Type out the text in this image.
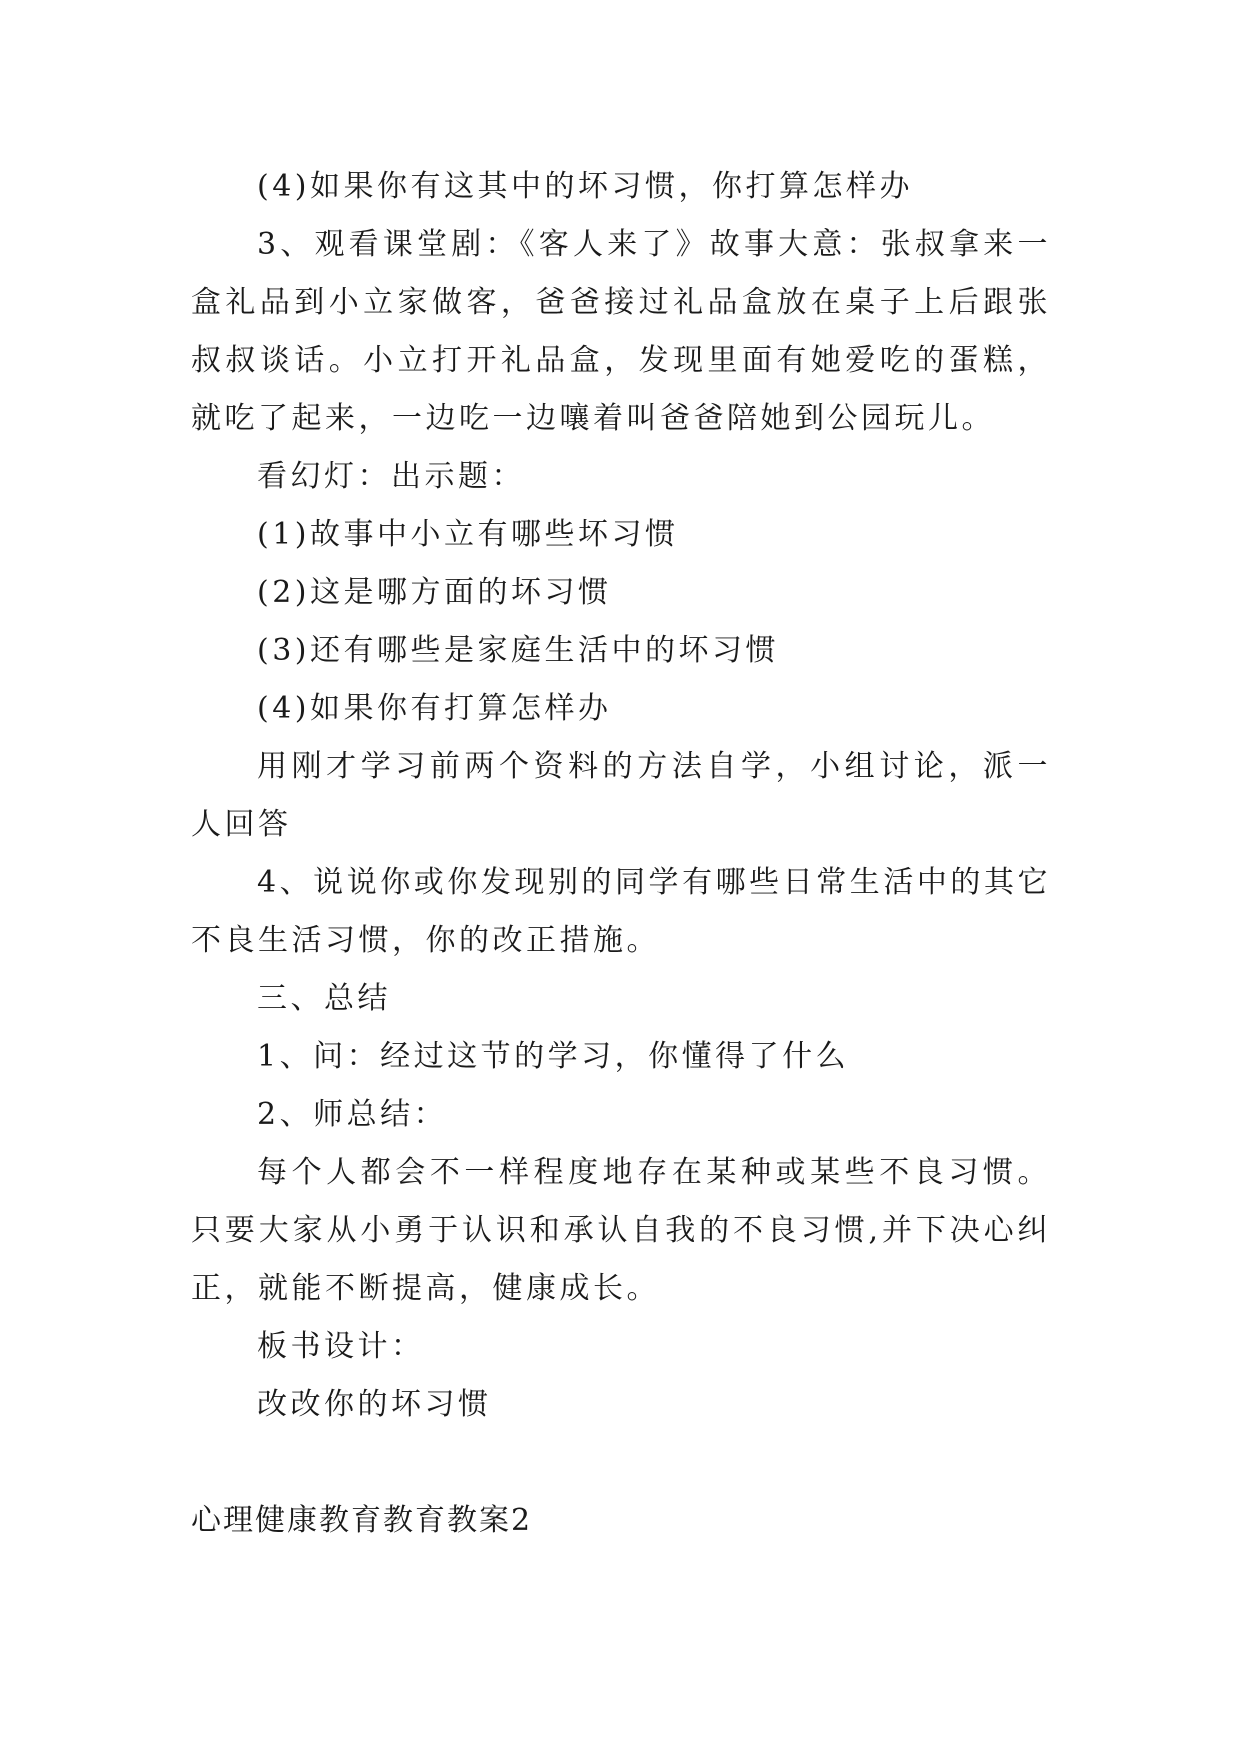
(4)如果你有这其中的坏习惯，你打算怎样办

3、观看课堂剧：《客人来了》故事大意：张叔拿来一盒礼品到小立家做客，爸爸接过礼品盒放在桌子上后跟张叔叔谈话。小立打开礼品盒，发现里面有她爱吃的蛋糕，就吃了起来，一边吃一边嚷着叫爸爸陪她到公园玩儿。

看幻灯：出示题：

(1)故事中小立有哪些坏习惯

(2)这是哪方面的坏习惯

(3)还有哪些是家庭生活中的坏习惯

(4)如果你有打算怎样办

用刚才学习前两个资料的方法自学，小组讨论，派一人回答

4、说说你或你发现别的同学有哪些日常生活中的其它不良生活习惯，你的改正措施。

三、总结

1、问：经过这节的学习，你懂得了什么

2、师总结：

每个人都会不一样程度地存在某种或某些不良习惯。只要大家从小勇于认识和承认自我的不良习惯,并下决心纠正，就能不断提高，健康成长。

板书设计：

改改你的坏习惯

心理健康教育教育教案2
